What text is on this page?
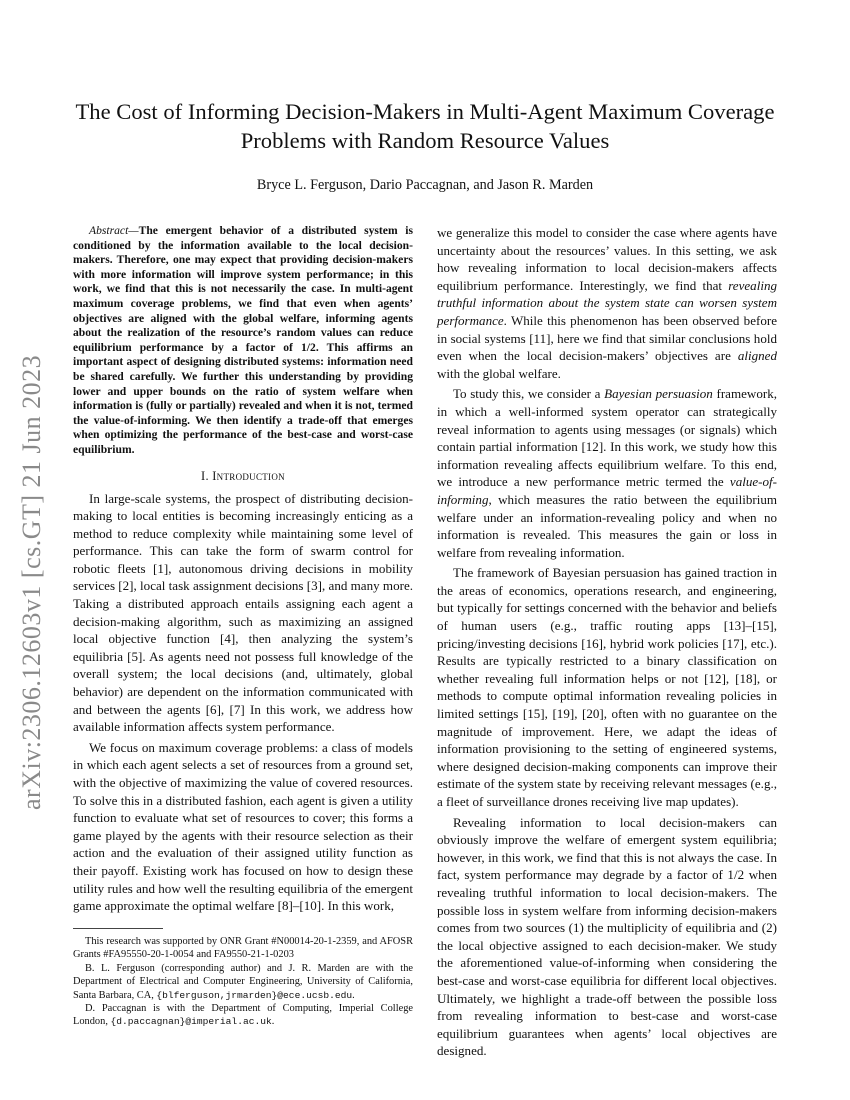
arXiv:2306.12603v1 [cs.GT] 21 Jun 2023
The Cost of Informing Decision-Makers in Multi-Agent Maximum Coverage Problems with Random Resource Values
Bryce L. Ferguson, Dario Paccagnan, and Jason R. Marden

Abstract—The emergent behavior of a distributed system is conditioned by the information available to the local decision-makers. Therefore, one may expect that providing decision-makers with more information will improve system performance; in this work, we find that this is not necessarily the case. In multi-agent maximum coverage problems, we find that even when agents’ objectives are aligned with the global welfare, informing agents about the realization of the resource’s random values can reduce equilibrium performance by a factor of 1/2. This affirms an important aspect of designing distributed systems: information need be shared carefully. We further this understanding by providing lower and upper bounds on the ratio of system welfare when information is (fully or partially) revealed and when it is not, termed the value-of-informing. We then identify a trade-off that emerges when optimizing the performance of the best-case and worst-case equilibrium.

I. Introduction

In large-scale systems, the prospect of distributing decision-making to local entities is becoming increasingly enticing as a method to reduce complexity while maintaining some level of performance. This can take the form of swarm control for robotic fleets [1], autonomous driving decisions in mobility services [2], local task assignment decisions [3], and many more. Taking a distributed approach entails assigning each agent a decision-making algorithm, such as maximizing an assigned local objective function [4], then analyzing the system’s equilibria [5]. As agents need not possess full knowledge of the overall system; the local decisions (and, ultimately, global behavior) are dependent on the information communicated with and between the agents [6], [7] In this work, we address how available information affects system performance.

We focus on maximum coverage problems: a class of models in which each agent selects a set of resources from a ground set, with the objective of maximizing the value of covered resources. To solve this in a distributed fashion, each agent is given a utility function to evaluate what set of resources to cover; this forms a game played by the agents with their resource selection as their action and the evaluation of their assigned utility function as their payoff. Existing work has focused on how to design these utility rules and how well the resulting equilibria of the emergent game approximate the optimal welfare [8]–[10]. In this work,

This research was supported by ONR Grant #N00014-20-1-2359, and AFOSR Grants #FA95550-20-1-0054 and FA9550-21-1-0203

B. L. Ferguson (corresponding author) and J. R. Marden are with the Department of Electrical and Computer Engineering, University of California, Santa Barbara, CA, {blferguson,jrmarden}@ece.ucsb.edu.

D. Paccagnan is with the Department of Computing, Imperial College London, {d.paccagnan}@imperial.ac.uk.

we generalize this model to consider the case where agents have uncertainty about the resources’ values. In this setting, we ask how revealing information to local decision-makers affects equilibrium performance. Interestingly, we find that revealing truthful information about the system state can worsen system performance. While this phenomenon has been observed before in social systems [11], here we find that similar conclusions hold even when the local decision-makers’ objectives are aligned with the global welfare.

To study this, we consider a Bayesian persuasion framework, in which a well-informed system operator can strategically reveal information to agents using messages (or signals) which contain partial information [12]. In this work, we study how this information revealing affects equilibrium welfare. To this end, we introduce a new performance metric termed the value-of-informing, which measures the ratio between the equilibrium welfare under an information-revealing policy and when no information is revealed. This measures the gain or loss in welfare from revealing information.

The framework of Bayesian persuasion has gained traction in the areas of economics, operations research, and engineering, but typically for settings concerned with the behavior and beliefs of human users (e.g., traffic routing apps [13]–[15], pricing/investing decisions [16], hybrid work policies [17], etc.). Results are typically restricted to a binary classification on whether revealing full information helps or not [12], [18], or methods to compute optimal information revealing policies in limited settings [15], [19], [20], often with no guarantee on the magnitude of improvement. Here, we adapt the ideas of information provisioning to the setting of engineered systems, where designed decision-making components can improve their estimate of the system state by receiving relevant messages (e.g., a fleet of surveillance drones receiving live map updates).

Revealing information to local decision-makers can obviously improve the welfare of emergent system equilibria; however, in this work, we find that this is not always the case. In fact, system performance may degrade by a factor of 1/2 when revealing truthful information to local decision-makers. The possible loss in system welfare from informing decision-makers comes from two sources (1) the multiplicity of equilibria and (2) the local objective assigned to each decision-maker. We study the aforementioned value-of-informing when considering the best-case and worst-case equilibria for different local objectives. Ultimately, we highlight a trade-off between the possible loss from revealing information to best-case and worst-case equilibrium guarantees when agents’ local objectives are designed.
